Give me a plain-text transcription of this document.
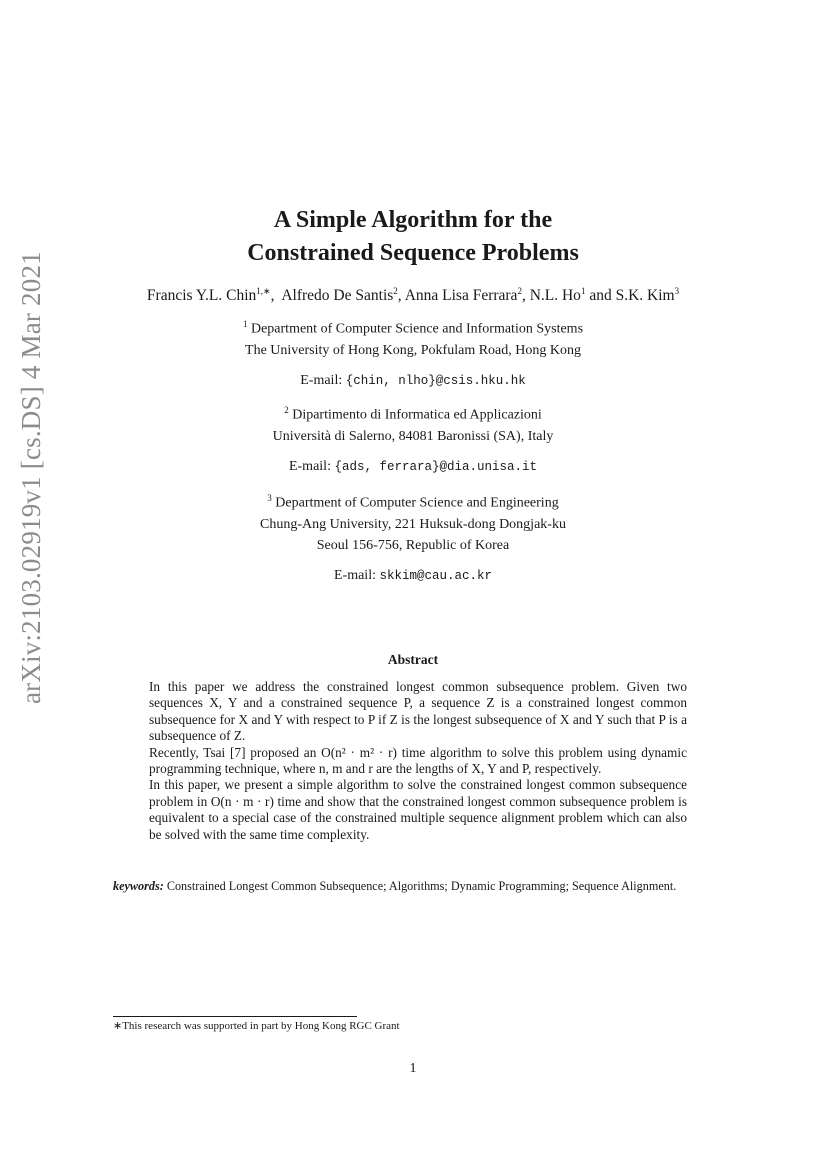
arXiv:2103.02919v1 [cs.DS] 4 Mar 2021
A Simple Algorithm for the
Constrained Sequence Problems
Francis Y.L. Chin$^{1,∗}$,  Alfredo De Santis$^2$, Anna Lisa Ferrara$^2$, N.L. Ho$^1$ and S.K. Kim$^3$
$^1$ Department of Computer Science and Information Systems
The University of Hong Kong, Pokfulam Road, Hong Kong
E-mail: {chin, nlho}@csis.hku.hk
$^2$ Dipartimento di Informatica ed Applicazioni
Università di Salerno, 84081 Baronissi (SA), Italy
E-mail: {ads, ferrara}@dia.unisa.it
$^3$ Department of Computer Science and Engineering
Chung-Ang University, 221 Huksuk-dong Dongjak-ku
Seoul 156-756, Republic of Korea
E-mail: skkim@cau.ac.kr
Abstract

In this paper we address the constrained longest common subsequence problem. Given two sequences X, Y and a constrained sequence P, a sequence Z is a constrained longest common subsequence for X and Y with respect to P if Z is the longest subsequence of X and Y such that P is a subsequence of Z.

Recently, Tsai [7] proposed an O(n² · m² · r) time algorithm to solve this problem using dynamic programming technique, where n, m and r are the lengths of X, Y and P, respectively.

In this paper, we present a simple algorithm to solve the constrained longest common subsequence problem in O(n · m · r) time and show that the constrained longest common subsequence problem is equivalent to a special case of the constrained multiple sequence alignment problem which can also be solved with the same time complexity.

keywords: Constrained Longest Common Subsequence; Algorithms; Dynamic Programming; Sequence Alignment.
∗This research was supported in part by Hong Kong RGC Grant
1
